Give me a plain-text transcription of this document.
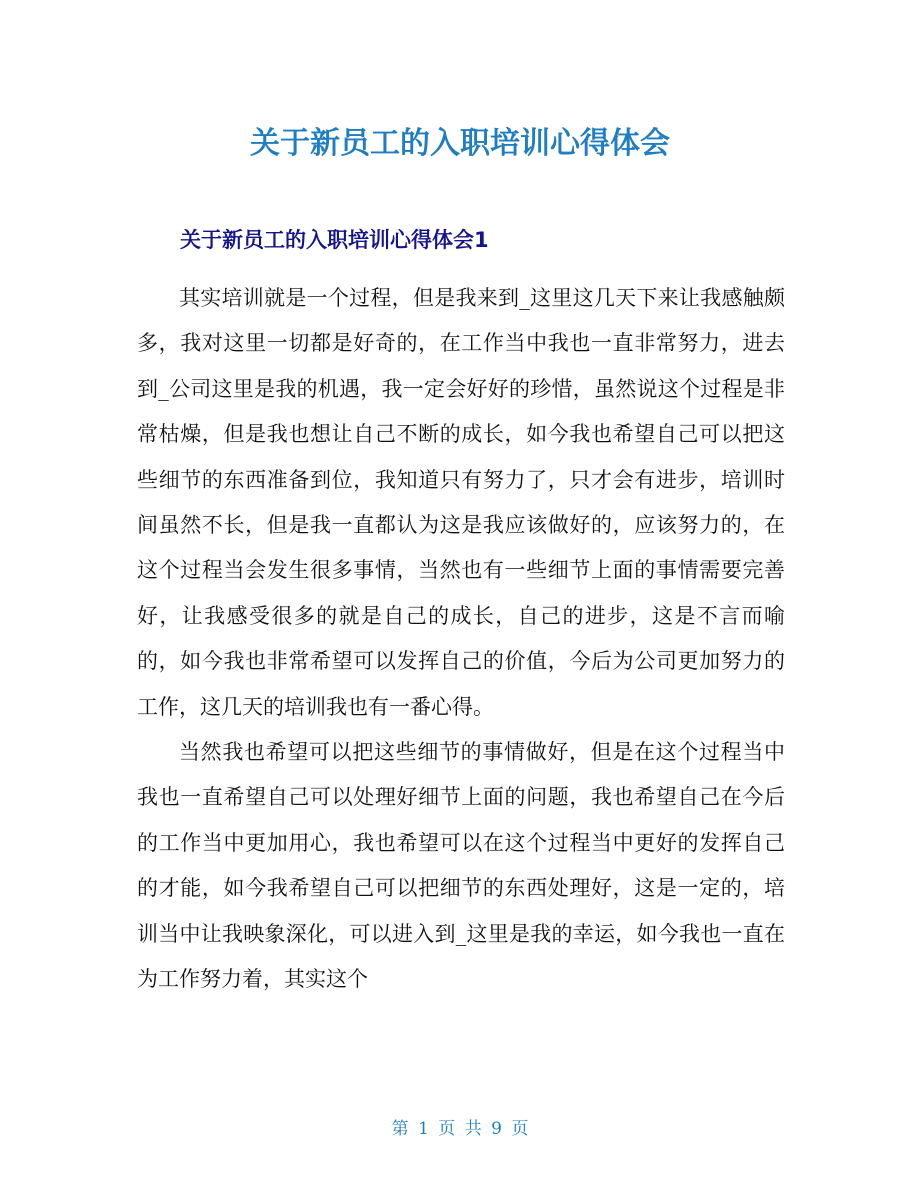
关于新员工的入职培训心得体会
关于新员工的入职培训心得体会1

其实培训就是一个过程，但是我来到_这里这几天下来让我感触颇多，我对这里一切都是好奇的，在工作当中我也一直非常努力，进去到_公司这里是我的机遇，我一定会好好的珍惜，虽然说这个过程是非常枯燥，但是我也想让自己不断的成长，如今我也希望自己可以把这些细节的东西准备到位，我知道只有努力了，只才会有进步，培训时间虽然不长，但是我一直都认为这是我应该做好的，应该努力的，在这个过程当会发生很多事情，当然也有一些细节上面的事情需要完善好，让我感受很多的就是自己的成长，自己的进步，这是不言而喻的，如今我也非常希望可以发挥自己的价值，今后为公司更加努力的工作，这几天的培训我也有一番心得。

当然我也希望可以把这些细节的事情做好，但是在这个过程当中我也一直希望自己可以处理好细节上面的问题，我也希望自己在今后的工作当中更加用心，我也希望可以在这个过程当中更好的发挥自己的才能，如今我希望自己可以把细节的东西处理好，这是一定的，培训当中让我映象深化，可以进入到_这里是我的幸运，如今我也一直在为工作努力着，其实这个

第 1 页 共 9 页
